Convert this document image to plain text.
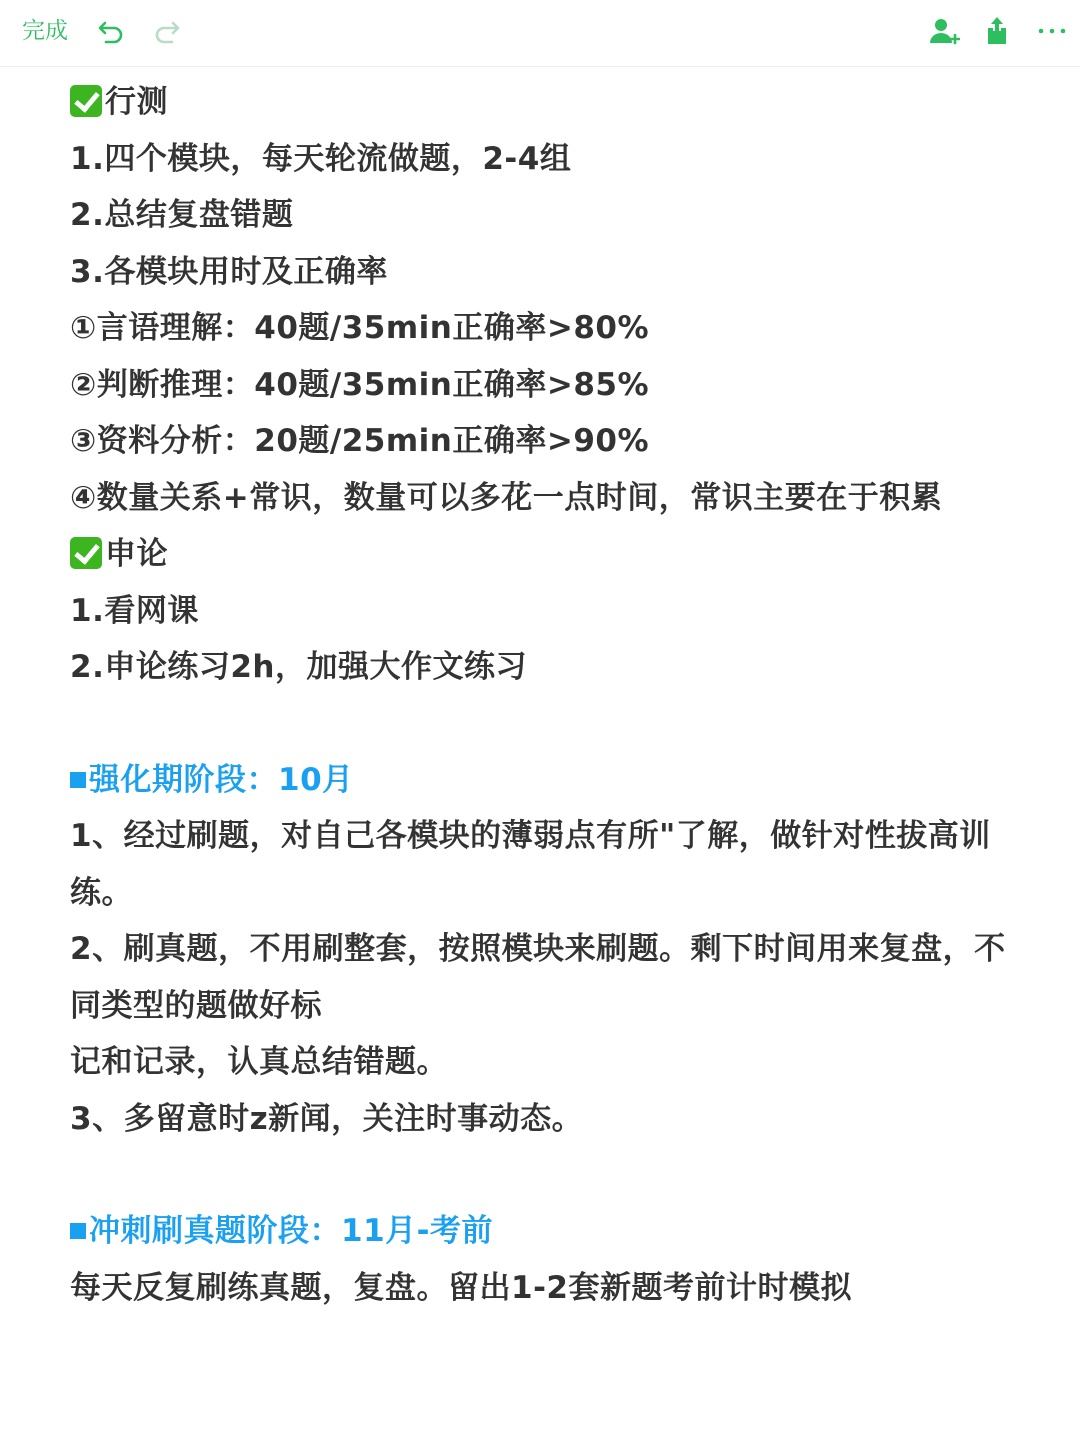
完成
行测
1.四个模块，每天轮流做题，2-4组
2.总结复盘错题
3.各模块用时及正确率
①言语理解：40题/35min正确率>80%
②判断推理：40题/35min正确率>85%
③资料分析：20题/25min正确率>90%
④数量关系+常识，数量可以多花一点时间，常识主要在于积累
申论
1.看网课
2.申论练习2h，加强大作文练习
强化期阶段：10月
1、经过刷题，对自己各模块的薄弱点有所"了解，做针对性拔高训练。
2、刷真题，不用刷整套，按照模块来刷题。剩下时间用来复盘，不同类型的题做好标
记和记录，认真总结错题。
3、多留意时z新闻，关注时事动态。
冲刺刷真题阶段：11月-考前
每天反复刷练真题，复盘。留出1-2套新题考前计时模拟
